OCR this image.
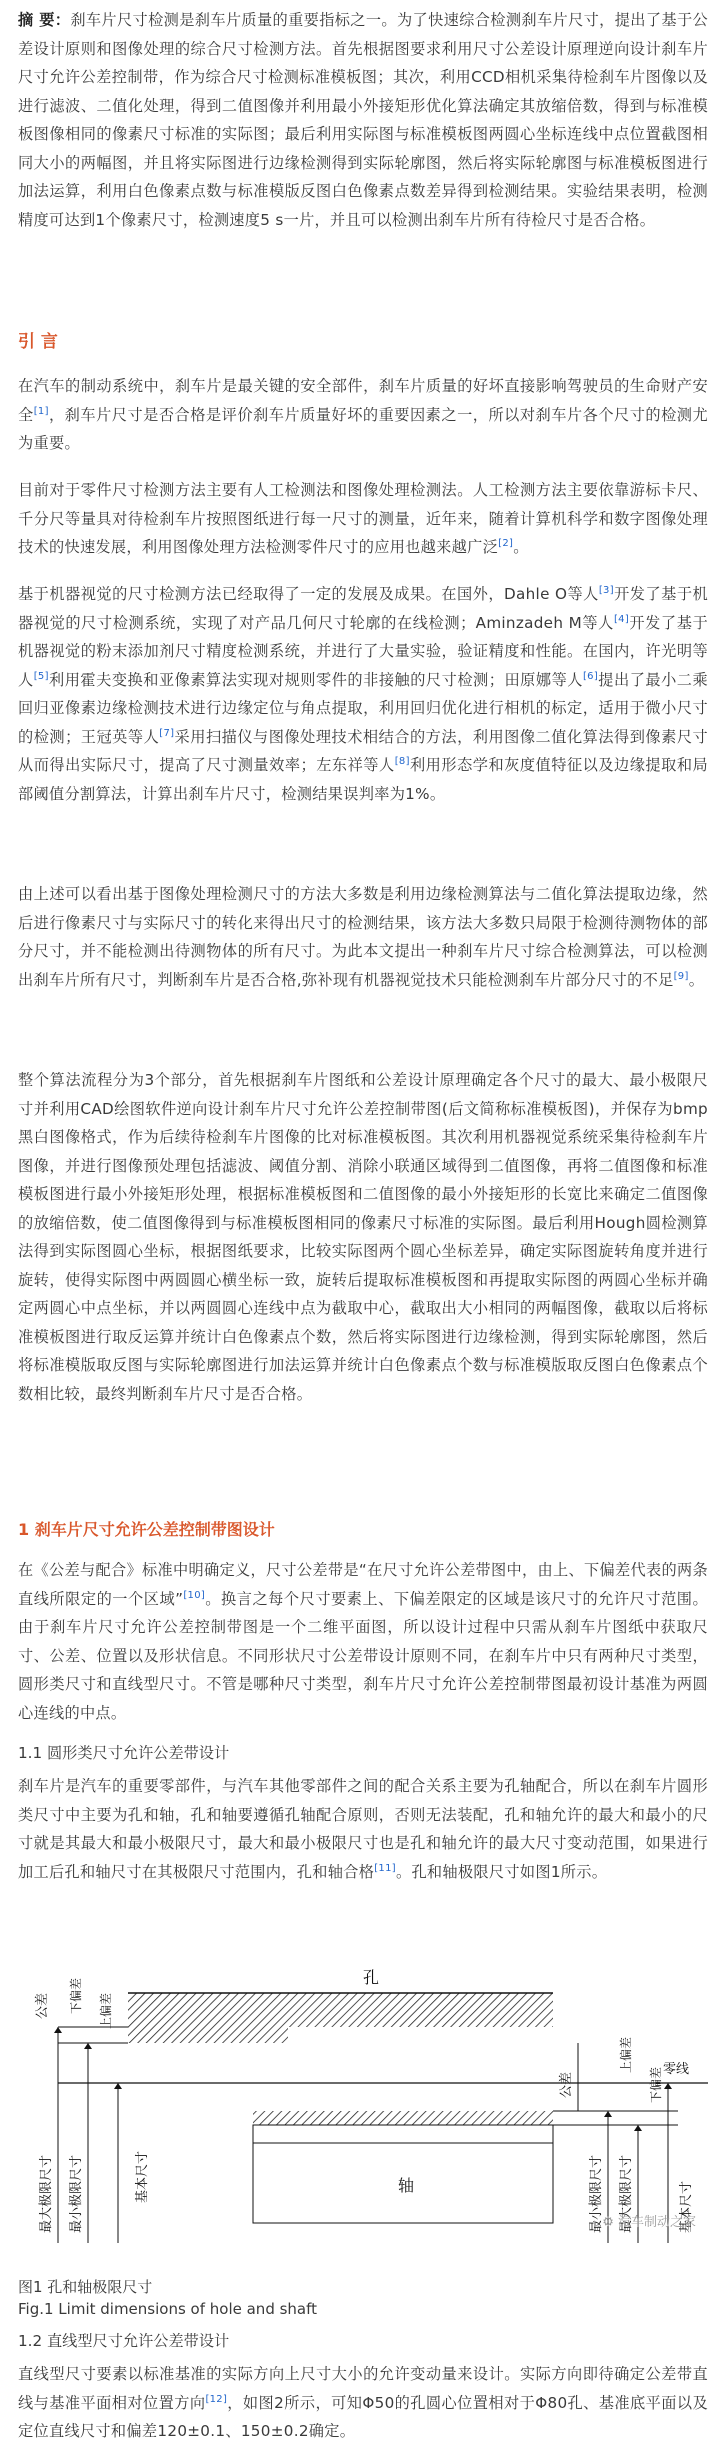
摘 要：刹车片尺寸检测是刹车片质量的重要指标之一。为了快速综合检测刹车片尺寸，提出了基于公差设计原则和图像处理的综合尺寸检测方法。首先根据图要求利用尺寸公差设计原理逆向设计刹车片尺寸允许公差控制带，作为综合尺寸检测标准模板图；其次，利用CCD相机采集待检刹车片图像以及进行滤波、二值化处理，得到二值图像并利用最小外接矩形优化算法确定其放缩倍数，得到与标准模板图像相同的像素尺寸标准的实际图；最后利用实际图与标准模板图两圆心坐标连线中点位置截图相同大小的两幅图，并且将实际图进行边缘检测得到实际轮廓图，然后将实际轮廓图与标准模板图进行加法运算，利用白色像素点数与标准模版反图白色像素点数差异得到检测结果。实验结果表明，检测精度可达到1个像素尺寸，检测速度5 s一片，并且可以检测出刹车片所有待检尺寸是否合格。
引 言
在汽车的制动系统中，刹车片是最关键的安全部件，刹车片质量的好坏直接影响驾驶员的生命财产安全[1]，刹车片尺寸是否合格是评价刹车片质量好坏的重要因素之一，所以对刹车片各个尺寸的检测尤为重要。
目前对于零件尺寸检测方法主要有人工检测法和图像处理检测法。人工检测方法主要依靠游标卡尺、千分尺等量具对待检刹车片按照图纸进行每一尺寸的测量，近年来，随着计算机科学和数字图像处理技术的快速发展，利用图像处理方法检测零件尺寸的应用也越来越广泛[2]。
基于机器视觉的尺寸检测方法已经取得了一定的发展及成果。在国外，Dahle O等人[3]开发了基于机器视觉的尺寸检测系统，实现了对产品几何尺寸轮廓的在线检测；Aminzadeh M等人[4]开发了基于机器视觉的粉末添加剂尺寸精度检测系统，并进行了大量实验，验证精度和性能。在国内，许光明等人[5]利用霍夫变换和亚像素算法实现对规则零件的非接触的尺寸检测；田原娜等人[6]提出了最小二乘回归亚像素边缘检测技术进行边缘定位与角点提取，利用回归优化进行相机的标定，适用于微小尺寸的检测；王冠英等人[7]采用扫描仪与图像处理技术相结合的方法，利用图像二值化算法得到像素尺寸从而得出实际尺寸，提高了尺寸测量效率；左东祥等人[8]利用形态学和灰度值特征以及边缘提取和局部阈值分割算法，计算出刹车片尺寸，检测结果误判率为1%。
由上述可以看出基于图像处理检测尺寸的方法大多数是利用边缘检测算法与二值化算法提取边缘，然后进行像素尺寸与实际尺寸的转化来得出尺寸的检测结果，该方法大多数只局限于检测待测物体的部分尺寸，并不能检测出待测物体的所有尺寸。为此本文提出一种刹车片尺寸综合检测算法，可以检测出刹车片所有尺寸，判断刹车片是否合格,弥补现有机器视觉技术只能检测刹车片部分尺寸的不足[9]。
整个算法流程分为3个部分，首先根据刹车片图纸和公差设计原理确定各个尺寸的最大、最小极限尺寸并利用CAD绘图软件逆向设计刹车片尺寸允许公差控制带图(后文简称标准模板图)，并保存为bmp黑白图像格式，作为后续待检刹车片图像的比对标准模板图。其次利用机器视觉系统采集待检刹车片图像，并进行图像预处理包括滤波、阈值分割、消除小联通区域得到二值图像，再将二值图像和标准模板图进行最小外接矩形处理，根据标准模板图和二值图像的最小外接矩形的长宽比来确定二值图像的放缩倍数，使二值图像得到与标准模板图相同的像素尺寸标准的实际图。最后利用Hough圆检测算法得到实际图圆心坐标，根据图纸要求，比较实际图两个圆心坐标差异，确定实际图旋转角度并进行旋转，使得实际图中两圆圆心横坐标一致，旋转后提取标准模板图和再提取实际图的两圆心坐标并确定两圆心中点坐标，并以两圆圆心连线中点为截取中心，截取出大小相同的两幅图像，截取以后将标准模板图进行取反运算并统计白色像素点个数，然后将实际图进行边缘检测，得到实际轮廓图，然后将标准模版取反图与实际轮廓图进行加法运算并统计白色像素点个数与标准模版取反图白色像素点个数相比较，最终判断刹车片尺寸是否合格。
1 刹车片尺寸允许公差控制带图设计
在《公差与配合》标准中明确定义，尺寸公差带是“在尺寸允许公差带图中，由上、下偏差代表的两条直线所限定的一个区域”[10]。换言之每个尺寸要素上、下偏差限定的区域是该尺寸的允许尺寸范围。由于刹车片尺寸允许公差控制带图是一个二维平面图，所以设计过程中只需从刹车片图纸中获取尺寸、公差、位置以及形状信息。不同形状尺寸公差带设计原则不同，在刹车片中只有两种尺寸类型，圆形类尺寸和直线型尺寸。不管是哪种尺寸类型，刹车片尺寸允许公差控制带图最初设计基准为两圆心连线的中点。
1.1 圆形类尺寸允许公差带设计
刹车片是汽车的重要零部件，与汽车其他零部件之间的配合关系主要为孔轴配合，所以在刹车片圆形类尺寸中主要为孔和轴，孔和轴要遵循孔轴配合原则，否则无法装配，孔和轴允许的最大和最小的尺寸就是其最大和最小极限尺寸，最大和最小极限尺寸也是孔和轴允许的最大尺寸变动范围，如果进行加工后孔和轴尺寸在其极限尺寸范围内，孔和轴合格[11]。孔和轴极限尺寸如图1所示。
孔
轴
零线
公差 下偏差 上偏差
最大极限尺寸 最小极限尺寸	基本尺寸
公差
上偏差
下偏差
最小极限尺寸 最大极限尺寸	基本尺寸
⚙ 汽车制动之家
图1 孔和轴极限尺寸
Fig.1 Limit dimensions of hole and shaft
1.2 直线型尺寸允许公差带设计
直线型尺寸要素以标准基准的实际方向上尺寸大小的允许变动量来设计。实际方向即待确定公差带直线与基准平面相对位置方向[12]，如图2所示，可知Φ50的孔圆心位置相对于Φ80孔、基准底平面以及定位直线尺寸和偏差120±0.1、150±0.2确定。
